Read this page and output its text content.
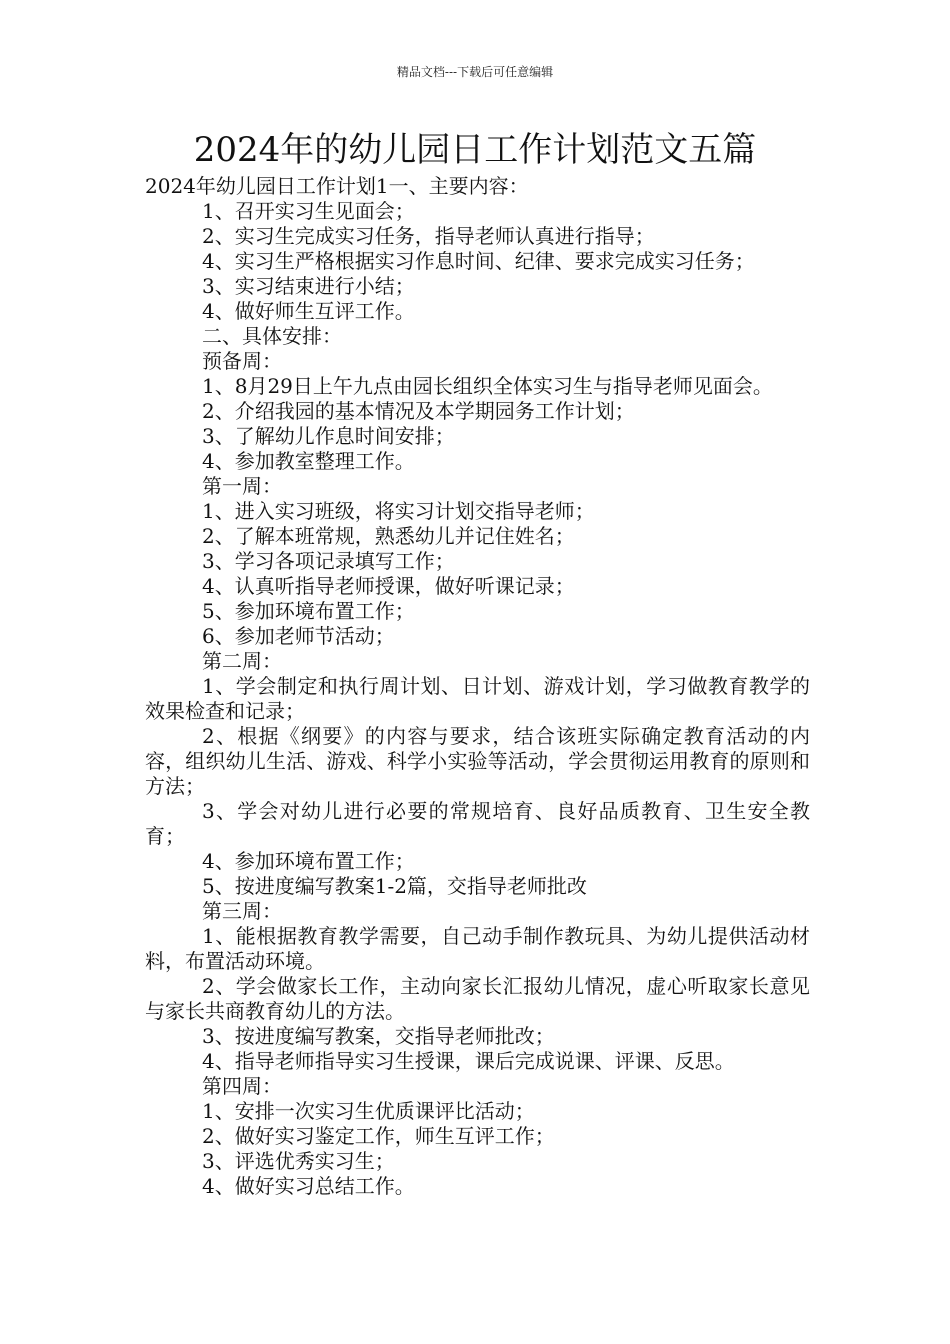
精品文档---下载后可任意编辑
2024年的幼儿园日工作计划范文五篇

2024年幼儿园日工作计划1一、主要内容：

1、召开实习生见面会；

2、实习生完成实习任务，指导老师认真进行指导；

4、实习生严格根据实习作息时间、纪律、要求完成实习任务；

3、实习结束进行小结；

4、做好师生互评工作。

二、具体安排：

预备周：

1、8月29日上午九点由园长组织全体实习生与指导老师见面会。

2、介绍我园的基本情况及本学期园务工作计划；

3、了解幼儿作息时间安排；

4、参加教室整理工作。

第一周：

1、进入实习班级，将实习计划交指导老师；

2、了解本班常规，熟悉幼儿并记住姓名；

3、学习各项记录填写工作；

4、认真听指导老师授课，做好听课记录；

5、参加环境布置工作；

6、参加老师节活动；

第二周：

1、学会制定和执行周计划、日计划、游戏计划，学习做教育教学的效果检查和记录；

2、根据《纲要》的内容与要求，结合该班实际确定教育活动的内容，组织幼儿生活、游戏、科学小实验等活动，学会贯彻运用教育的原则和方法；

3、学会对幼儿进行必要的常规培育、良好品质教育、卫生安全教育；

4、参加环境布置工作；

5、按进度编写教案1-2篇，交指导老师批改

第三周：

1、能根据教育教学需要，自己动手制作教玩具、为幼儿提供活动材料，布置活动环境。

2、学会做家长工作，主动向家长汇报幼儿情况，虚心听取家长意见与家长共商教育幼儿的方法。

3、按进度编写教案，交指导老师批改；

4、指导老师指导实习生授课，课后完成说课、评课、反思。

第四周：

1、安排一次实习生优质课评比活动；

2、做好实习鉴定工作，师生互评工作；

3、评选优秀实习生；

4、做好实习总结工作。
